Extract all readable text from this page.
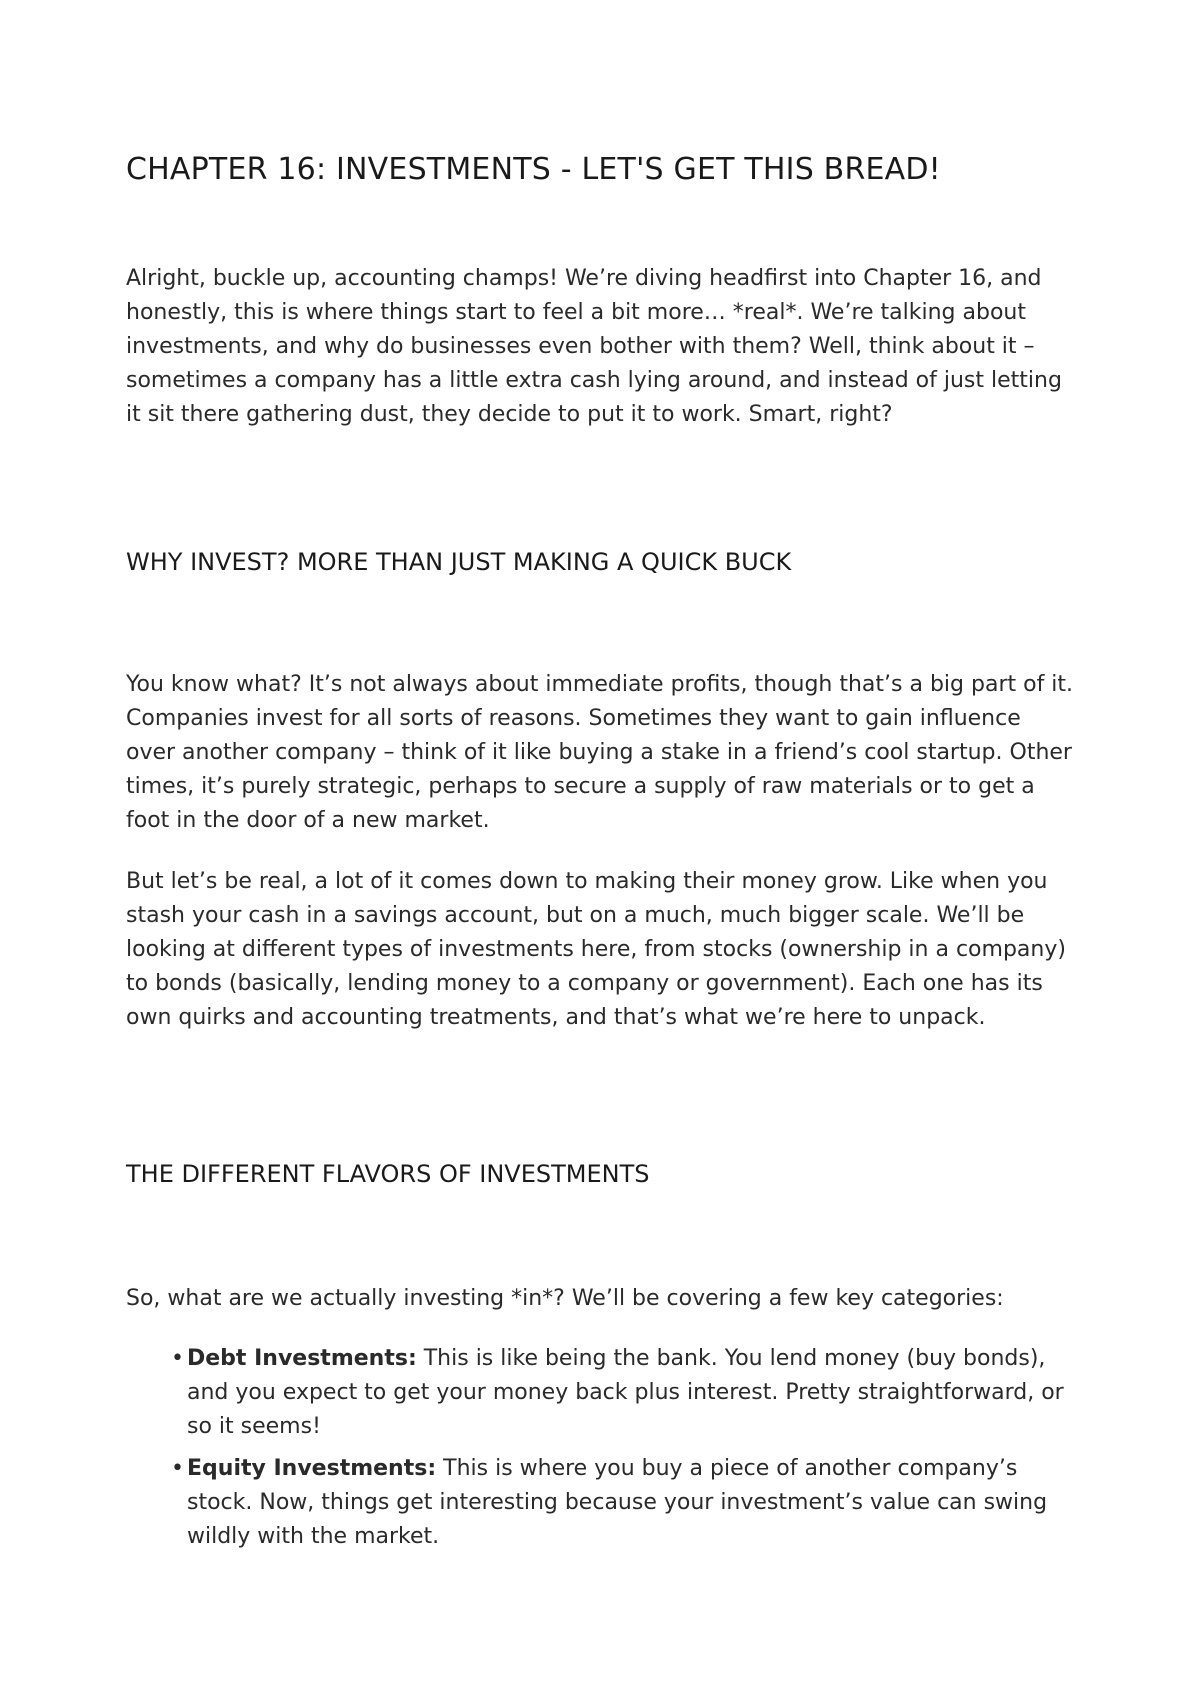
CHAPTER 16: INVESTMENTS - LET'S GET THIS BREAD!

Alright, buckle up, accounting champs! We’re diving headfirst into Chapter 16, and honestly, this is where things start to feel a bit more… *real*. We’re talking about investments, and why do businesses even bother with them? Well, think about it – sometimes a company has a little extra cash lying around, and instead of just letting it sit there gathering dust, they decide to put it to work. Smart, right?

WHY INVEST? MORE THAN JUST MAKING A QUICK BUCK

You know what? It’s not always about immediate profits, though that’s a big part of it. Companies invest for all sorts of reasons. Sometimes they want to gain influence over another company – think of it like buying a stake in a friend’s cool startup. Other times, it’s purely strategic, perhaps to secure a supply of raw materials or to get a foot in the door of a new market.

But let’s be real, a lot of it comes down to making their money grow. Like when you stash your cash in a savings account, but on a much, much bigger scale. We’ll be looking at different types of investments here, from stocks (ownership in a company) to bonds (basically, lending money to a company or government). Each one has its own quirks and accounting treatments, and that’s what we’re here to unpack.

THE DIFFERENT FLAVORS OF INVESTMENTS

So, what are we actually investing *in*? We’ll be covering a few key categories:

• Debt Investments: This is like being the bank. You lend money (buy bonds), and you expect to get your money back plus interest. Pretty straightforward, or so it seems!
• Equity Investments: This is where you buy a piece of another company’s stock. Now, things get interesting because your investment’s value can swing wildly with the market.
